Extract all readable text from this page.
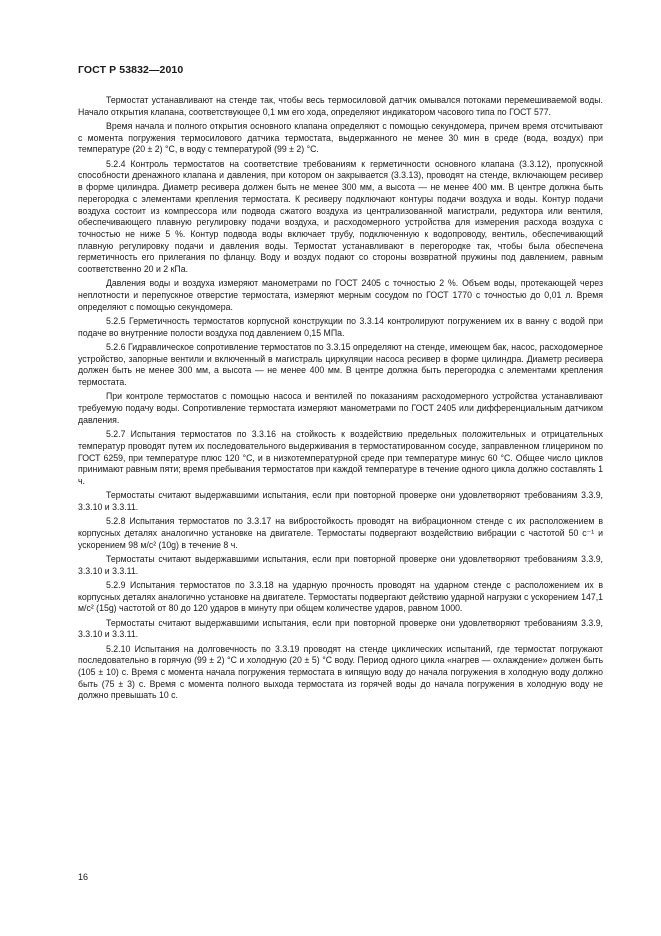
ГОСТ Р 53832—2010

Термостат устанавливают на стенде так, чтобы весь термосиловой датчик омывался потоками перемешиваемой воды. Начало открытия клапана, соответствующее 0,1 мм его хода, определяют индикатором часового типа по ГОСТ 577.

Время начала и полного открытия основного клапана определяют с помощью секундомера, причем время отсчитывают с момента погружения термосилового датчика термостата, выдержанного не менее 30 мин в среде (вода, воздух) при температуре (20 ± 2) °С, в воду с температурой (99 ± 2) °С.

5.2.4 Контроль термостатов на соответствие требованиям к герметичности основного клапана (3.3.12), пропускной способности дренажного клапана и давления, при котором он закрывается (3.3.13), проводят на стенде, включающем ресивер в форме цилиндра. Диаметр ресивера должен быть не менее 300 мм, а высота — не менее 400 мм. В центре должна быть перегородка с элементами крепления термостата. К ресиверу подключают контуры подачи воздуха и воды. Контур подачи воздуха состоит из компрессора или подвода сжатого воздуха из централизованной магистрали, редуктора или вентиля, обеспечивающего плавную регулировку подачи воздуха, и расходомерного устройства для измерения расхода воздуха с точностью не ниже 5 %. Контур подвода воды включает трубу, подключенную к водопроводу, вентиль, обеспечивающий плавную регулировку подачи и давления воды. Термостат устанавливают в перегородке так, чтобы была обеспечена герметичность его прилегания по фланцу. Воду и воздух подают со стороны возвратной пружины под давлением, равным соответственно 20 и 2 кПа.

Давления воды и воздуха измеряют манометрами по ГОСТ 2405 с точностью 2 %. Объем воды, протекающей через неплотности и перепускное отверстие термостата, измеряют мерным сосудом по ГОСТ 1770 с точностью до 0,01 л. Время определяют с помощью секундомера.

5.2.5 Герметичность термостатов корпусной конструкции по 3.3.14 контролируют погружением их в ванну с водой при подаче во внутренние полости воздуха под давлением 0,15 МПа.

5.2.6 Гидравлическое сопротивление термостатов по 3.3.15 определяют на стенде, имеющем бак, насос, расходомерное устройство, запорные вентили и включенный в магистраль циркуляции насоса ресивер в форме цилиндра. Диаметр ресивера должен быть не менее 300 мм, а высота — не менее 400 мм. В центре должна быть перегородка с элементами крепления термостата.

При контроле термостатов с помощью насоса и вентилей по показаниям расходомерного устройства устанавливают требуемую подачу воды. Сопротивление термостата измеряют манометрами по ГОСТ 2405 или дифференциальным датчиком давления.

5.2.7 Испытания термостатов по 3.3.16 на стойкость к воздействию предельных положительных и отрицательных температур проводят путем их последовательного выдерживания в термостатированном сосуде, заправленном глицерином по ГОСТ 6259, при температуре плюс 120 °С, и в низкотемпературной среде при температуре минус 60 °С. Общее число циклов принимают равным пяти; время пребывания термостатов при каждой температуре в течение одного цикла должно составлять 1 ч.

Термостаты считают выдержавшими испытания, если при повторной проверке они удовлетворяют требованиям 3.3.9, 3.3.10 и 3.3.11.

5.2.8 Испытания термостатов по 3.3.17 на вибростойкость проводят на вибрационном стенде с их расположением в корпусных деталях аналогично установке на двигателе. Термостаты подвергают воздействию вибрации с частотой 50 с⁻¹ и ускорением 98 м/с² (10g) в течение 8 ч.

Термостаты считают выдержавшими испытания, если при повторной проверке они удовлетворяют требованиям 3.3.9, 3.3.10 и 3.3.11.

5.2.9 Испытания термостатов по 3.3.18 на ударную прочность проводят на ударном стенде с расположением их в корпусных деталях аналогично установке на двигателе. Термостаты подвергают действию ударной нагрузки с ускорением 147,1 м/с² (15g) частотой от 80 до 120 ударов в минуту при общем количестве ударов, равном 1000.

Термостаты считают выдержавшими испытания, если при повторной проверке они удовлетворяют требованиям 3.3.9, 3.3.10 и 3.3.11.

5.2.10 Испытания на долговечность по 3.3.19 проводят на стенде циклических испытаний, где термостат погружают последовательно в горячую (99 ± 2) °С и холодную (20 ± 5) °С воду. Период одного цикла «нагрев — охлаждение» должен быть (105 ± 10) с. Время с момента начала погружения термостата в кипящую воду до начала погружения в холодную воду должно быть (75 ± 3) с. Время с момента полного выхода термостата из горячей воды до начала погружения в холодную воду не должно превышать 10 с.

16
